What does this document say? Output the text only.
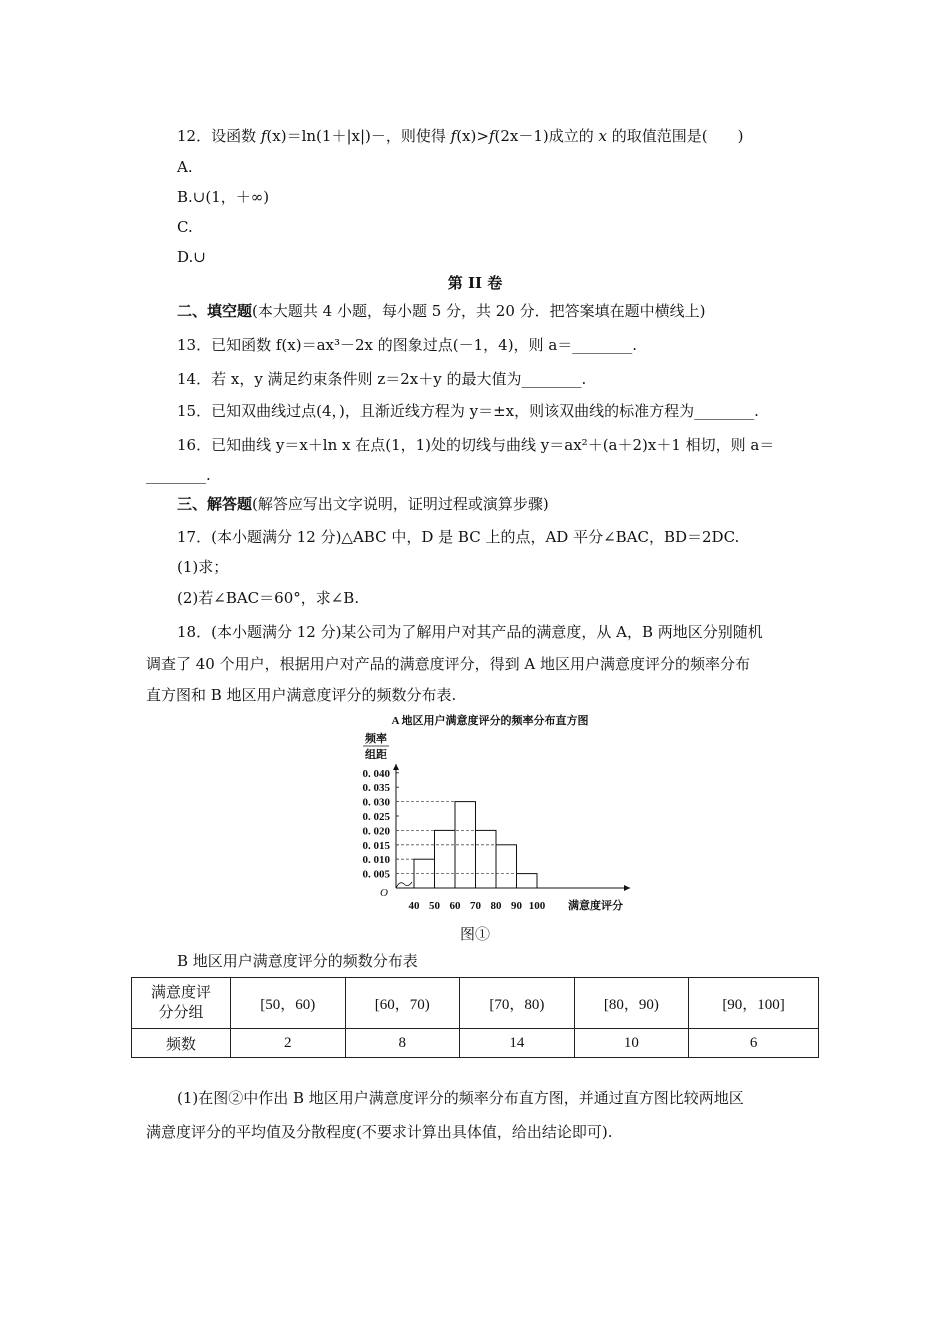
12．设函数 f(x)＝ln(1＋|x|)－，则使得 f(x)>f(2x－1)成立的 x 的取值范围是(　　)
A.
B.∪(1，＋∞)
C.
D.∪
第 II 卷
二、填空题(本大题共 4 小题，每小题 5 分，共 20 分．把答案填在题中横线上)
13．已知函数 f(x)＝ax³－2x 的图象过点(－1，4)，则 a＝________.
14．若 x，y 满足约束条件则 z＝2x＋y 的最大值为________.
15．已知双曲线过点(4，)，且渐近线方程为 y＝±x，则该双曲线的标准方程为________.
16．已知曲线 y＝x＋ln x 在点(1，1)处的切线与曲线 y＝ax²＋(a＋2)x＋1 相切，则 a＝
________.
三、解答题(解答应写出文字说明，证明过程或演算步骤)
17．(本小题满分 12 分)△ABC 中，D 是 BC 上的点，AD 平分∠BAC，BD＝2DC.
(1)求；
(2)若∠BAC＝60°，求∠B.
18．(本小题满分 12 分)某公司为了解用户对其产品的满意度，从 A，B 两地区分别随机
调查了 40 个用户，根据用户对产品的满意度评分，得到 A 地区用户满意度评分的频率分布
直方图和 B 地区用户满意度评分的频数分布表.
A 地区用户满意度评分的频率分布直方图
频率
组距
满意度评分
O
0. 005
0. 010
0. 015
0. 020
0. 025
0. 030
0. 035
0. 040
40 50 60 70 80 90 100
图①
B 地区用户满意度评分的频数分布表
满意度评
分分组	[50，60)	[60，70)	[70，80)	[80，90)	[90，100]
频数	2	8	14	10	6
(1)在图②中作出 B 地区用户满意度评分的频率分布直方图，并通过直方图比较两地区
满意度评分的平均值及分散程度(不要求计算出具体值，给出结论即可).
